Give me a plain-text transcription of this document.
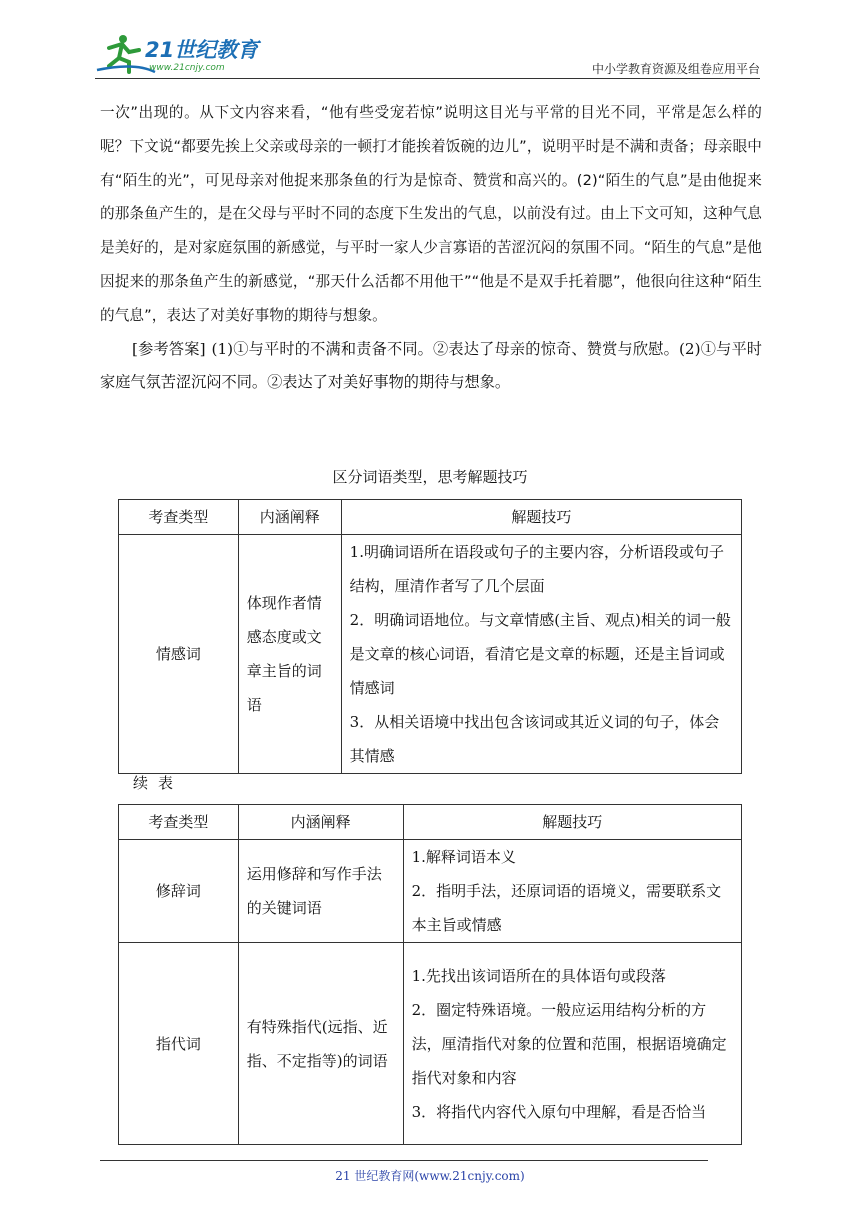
21世纪教育
www.21cnjy.com	中小学教育资源及组卷应用平台

一次”出现的。从下文内容来看，“他有些受宠若惊”说明这目光与平常的目光不同，平常是怎么样的呢？下文说“都要先挨上父亲或母亲的一顿打才能挨着饭碗的边儿”，说明平时是不满和责备；母亲眼中有“陌生的光”，可见母亲对他捉来那条鱼的行为是惊奇、赞赏和高兴的。(2)“陌生的气息”是由他捉来的那条鱼产生的，是在父母与平时不同的态度下生发出的气息，以前没有过。由上下文可知，这种气息是美好的，是对家庭氛围的新感觉，与平时一家人少言寡语的苦涩沉闷的氛围不同。“陌生的气息”是他因捉来的那条鱼产生的新感觉，“那天什么活都不用他干”“他是不是双手托着腮”，他很向往这种“陌生的气息”，表达了对美好事物的期待与想象。

[参考答案] (1)①与平时的不满和责备不同。②表达了母亲的惊奇、赞赏与欣慰。(2)①与平时家庭气氛苦涩沉闷不同。②表达了对美好事物的期待与想象。

区分词语类型，思考解题技巧
考查类型	内涵阐释	解题技巧
情感词	体现作者情感态度或文章主旨的词语	1.明确词语所在语段或句子的主要内容，分析语段或句子结构，厘清作者写了几个层面
2．明确词语地位。与文章情感(主旨、观点)相关的词一般是文章的核心词语，看清它是文章的标题，还是主旨词或情感词
3．从相关语境中找出包含该词或其近义词的句子，体会其情感
续表
考查类型	内涵阐释	解题技巧
修辞词	运用修辞和写作手法的关键词语	1.解释词语本义
2．指明手法，还原词语的语境义，需要联系文本主旨或情感

指代词	有特殊指代(远指、近指、不定指等)的词语	1.先找出该词语所在的具体语句或段落
2．圈定特殊语境。一般应运用结构分析的方法，厘清指代对象的位置和范围，根据语境确定指代对象和内容
3．将指代内容代入原句中理解，看是否恰当
21 世纪教育网(www.21cnjy.com)
